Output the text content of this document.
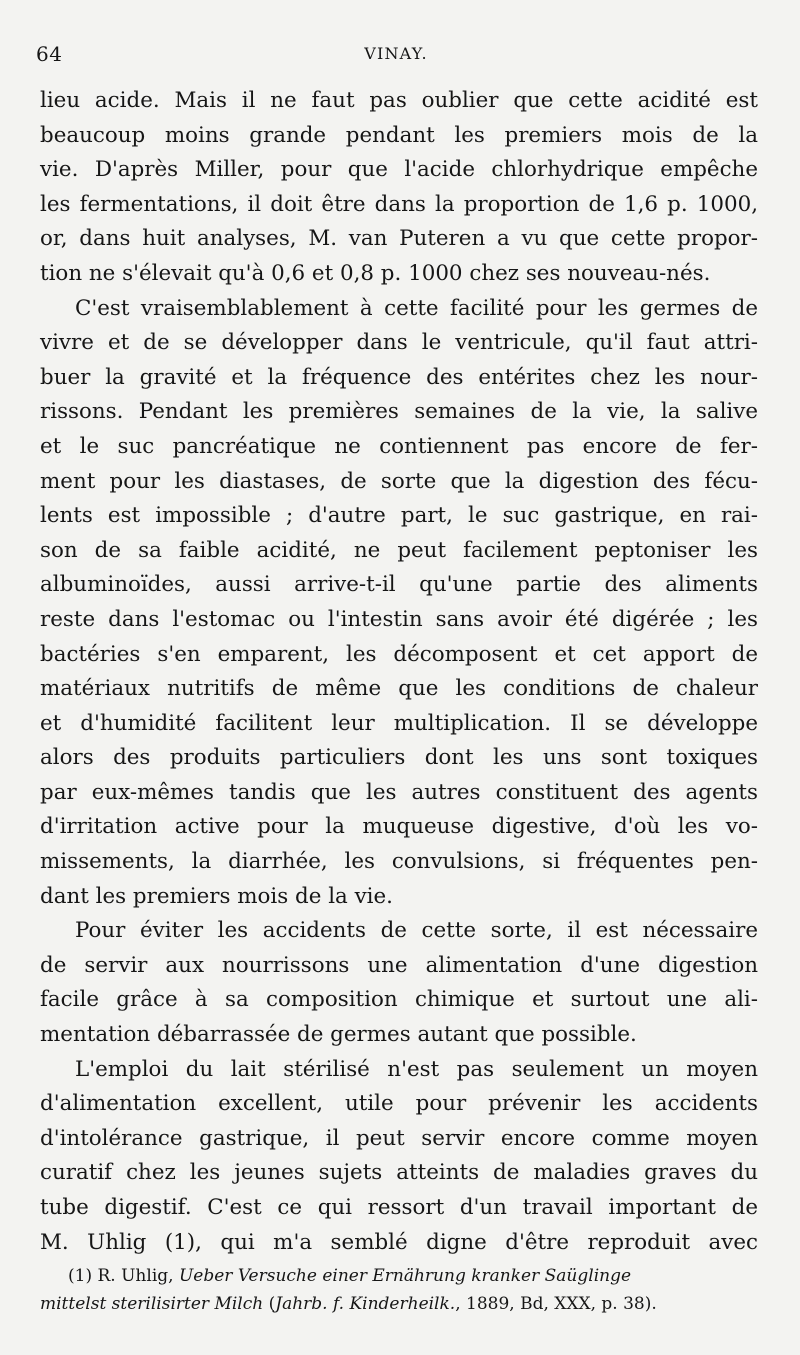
64	VINAY.
lieu acide. Mais il ne faut pas oublier que cette acidité est
beaucoup moins grande pendant les premiers mois de la
vie. D'après Miller, pour que l'acide chlorhydrique empêche
les fermentations, il doit être dans la proportion de 1,6 p. 1000,
or, dans huit analyses, M. van Puteren a vu que cette propor-
tion ne s'élevait qu'à 0,6 et 0,8 p. 1000 chez ses nouveau-nés.
C'est vraisemblablement à cette facilité pour les germes de
vivre et de se développer dans le ventricule, qu'il faut attri-
buer la gravité et la fréquence des entérites chez les nour-
rissons. Pendant les premières semaines de la vie, la salive
et le suc pancréatique ne contiennent pas encore de fer-
ment pour les diastases, de sorte que la digestion des fécu-
lents est impossible ; d'autre part, le suc gastrique, en rai-
son de sa faible acidité, ne peut facilement peptoniser les
albuminoïdes, aussi arrive-t-il qu'une partie des aliments
reste dans l'estomac ou l'intestin sans avoir été digérée ; les
bactéries s'en emparent, les décomposent et cet apport de
matériaux nutritifs de même que les conditions de chaleur
et d'humidité facilitent leur multiplication. Il se développe
alors des produits particuliers dont les uns sont toxiques
par eux-mêmes tandis que les autres constituent des agents
d'irritation active pour la muqueuse digestive, d'où les vo-
missements, la diarrhée, les convulsions, si fréquentes pen-
dant les premiers mois de la vie.
Pour éviter les accidents de cette sorte, il est nécessaire
de servir aux nourrissons une alimentation d'une digestion
facile grâce à sa composition chimique et surtout une ali-
mentation débarrassée de germes autant que possible.
L'emploi du lait stérilisé n'est pas seulement un moyen
d'alimentation excellent, utile pour prévenir les accidents
d'intolérance gastrique, il peut servir encore comme moyen
curatif chez les jeunes sujets atteints de maladies graves du
tube digestif. C'est ce qui ressort d'un travail important de
M. Uhlig (1), qui m'a semblé digne d'être reproduit avec
(1) R. Uhlig, Ueber Versuche einer Ernährung kranker Saüglinge
mittelst sterilisirter Milch (Jahrb. f. Kinderheilk., 1889, Bd, XXX, p. 38).
